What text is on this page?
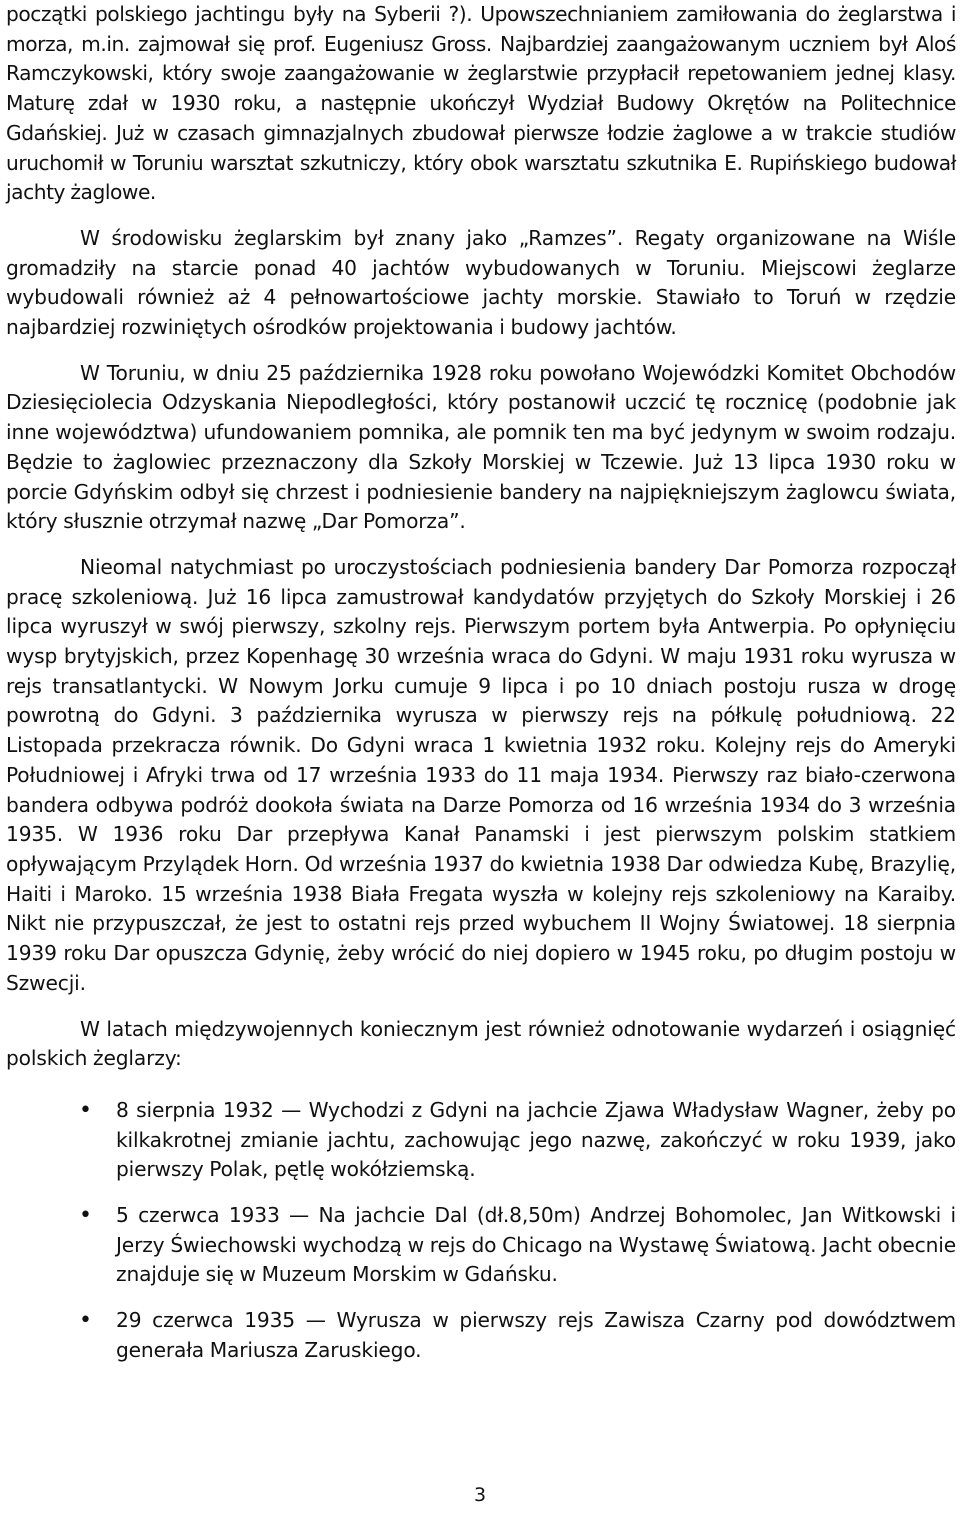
początki polskiego jachtingu były na Syberii ?). Upowszechnianiem zamiłowania do żeglarstwa i morza, m.in. zajmował się prof. Eugeniusz Gross. Najbardziej zaangażowanym uczniem był Aloś Ramczykowski, który swoje zaangażowanie w żeglarstwie przypłacił repetowaniem jednej klasy. Maturę zdał w 1930 roku, a następnie ukończył Wydział Budowy Okrętów na Politechnice Gdańskiej. Już w czasach gimnazjalnych zbudował pierwsze łodzie żaglowe a w trakcie studiów uruchomił w Toruniu warsztat szkutniczy, który obok warsztatu szkutnika E. Rupińskiego budował jachty żaglowe.

W środowisku żeglarskim był znany jako „Ramzes”. Regaty organizowane na Wiśle gromadziły na starcie ponad 40 jachtów wybudowanych w Toruniu. Miejscowi żeglarze wybudowali również aż 4 pełnowartościowe jachty morskie. Stawiało to Toruń w rzędzie najbardziej rozwiniętych ośrodków projektowania i budowy jachtów.

W Toruniu, w dniu 25 października 1928 roku powołano Wojewódzki Komitet Obchodów Dziesięciolecia Odzyskania Niepodległości, który postanowił uczcić tę rocznicę (podobnie jak inne województwa) ufundowaniem pomnika, ale pomnik ten ma być jedynym w swoim rodzaju. Będzie to żaglowiec przeznaczony dla Szkoły Morskiej w Tczewie. Już 13 lipca 1930 roku w porcie Gdyńskim odbył się chrzest i podniesienie bandery na najpiękniejszym żaglowcu świata, który słusznie otrzymał nazwę „Dar Pomorza”.

Nieomal natychmiast po uroczystościach podniesienia bandery Dar Pomorza rozpoczął pracę szkoleniową. Już 16 lipca zamustrował kandydatów przyjętych do Szkoły Morskiej i 26 lipca wyruszył w swój pierwszy, szkolny rejs. Pierwszym portem była Antwerpia. Po opłynięciu wysp brytyjskich, przez Kopenhagę 30 września wraca do Gdyni. W maju 1931 roku wyrusza w rejs transatlantycki. W Nowym Jorku cumuje 9 lipca i po 10 dniach postoju rusza w drogę powrotną do Gdyni. 3 października wyrusza w pierwszy rejs na półkulę południową. 22 Listopada przekracza równik. Do Gdyni wraca 1 kwietnia 1932 roku. Kolejny rejs do Ameryki Południowej i Afryki trwa od 17 września 1933 do 11 maja 1934. Pierwszy raz biało-czerwona bandera odbywa podróż dookoła świata na Darze Pomorza od 16 września 1934 do 3 września 1935. W 1936 roku Dar przepływa Kanał Panamski i jest pierwszym polskim statkiem opływającym Przylądek Horn. Od września 1937 do kwietnia 1938 Dar odwiedza Kubę, Brazylię, Haiti i Maroko. 15 września 1938 Biała Fregata wyszła w kolejny rejs szkoleniowy na Karaiby. Nikt nie przypuszczał, że jest to ostatni rejs przed wybuchem II Wojny Światowej. 18 sierpnia 1939 roku Dar opuszcza Gdynię, żeby wrócić do niej dopiero w 1945 roku, po długim postoju w Szwecji.

W latach międzywojennych koniecznym jest również odnotowanie wydarzeń i osiągnięć polskich żeglarzy:

• 8 sierpnia 1932 — Wychodzi z Gdyni na jachcie Zjawa Władysław Wagner, żeby po kilkakrotnej zmianie jachtu, zachowując jego nazwę, zakończyć w roku 1939, jako pierwszy Polak, pętlę wokółziemską.
• 5 czerwca 1933 — Na jachcie Dal (dł.8,50m) Andrzej Bohomolec, Jan Witkowski i Jerzy Świechowski wychodzą w rejs do Chicago na Wystawę Światową. Jacht obecnie znajduje się w Muzeum Morskim w Gdańsku.
• 29 czerwca 1935 — Wyrusza w pierwszy rejs Zawisza Czarny pod dowództwem generała Mariusza Zaruskiego.
3
